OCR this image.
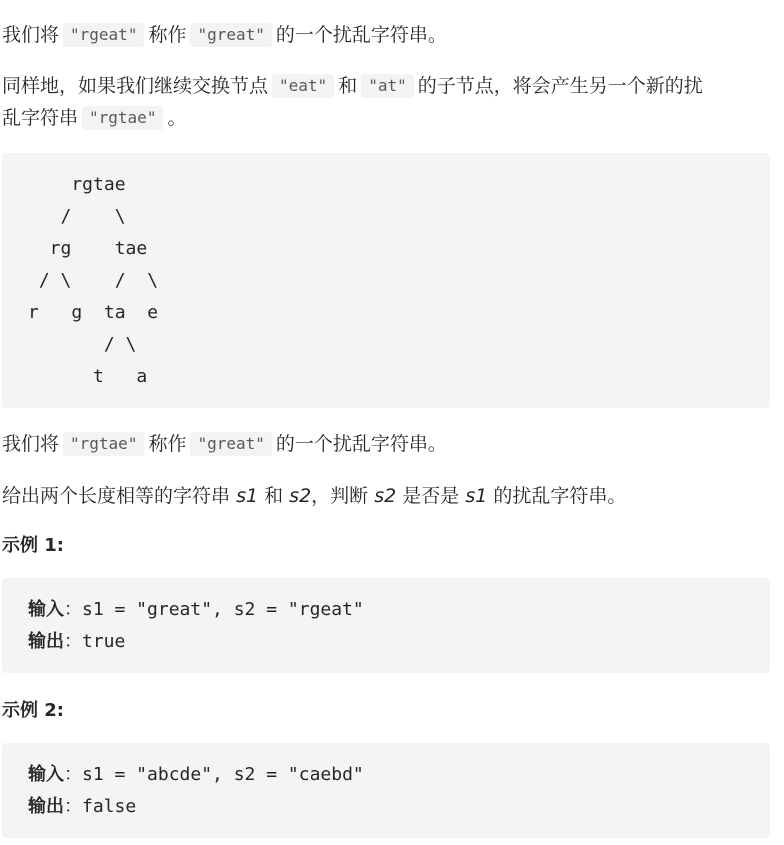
我们将 "rgeat" 称作 "great" 的一个扰乱字符串。
同样地，如果我们继续交换节点 "eat" 和 "at" 的子节点，将会产生另一个新的扰
乱字符串 "rgtae" 。
rgtae
/    \
rg    tae
/ \    /  \
r   g  ta  e
/ \
t   a
我们将 "rgtae" 称作 "great" 的一个扰乱字符串。
给出两个长度相等的字符串 s1 和 s2，判断 s2 是否是 s1 的扰乱字符串。
示例 1:
输入：s1 = "great", s2 = "rgeat"
输出：true
示例 2:
输入：s1 = "abcde", s2 = "caebd"
输出：false
